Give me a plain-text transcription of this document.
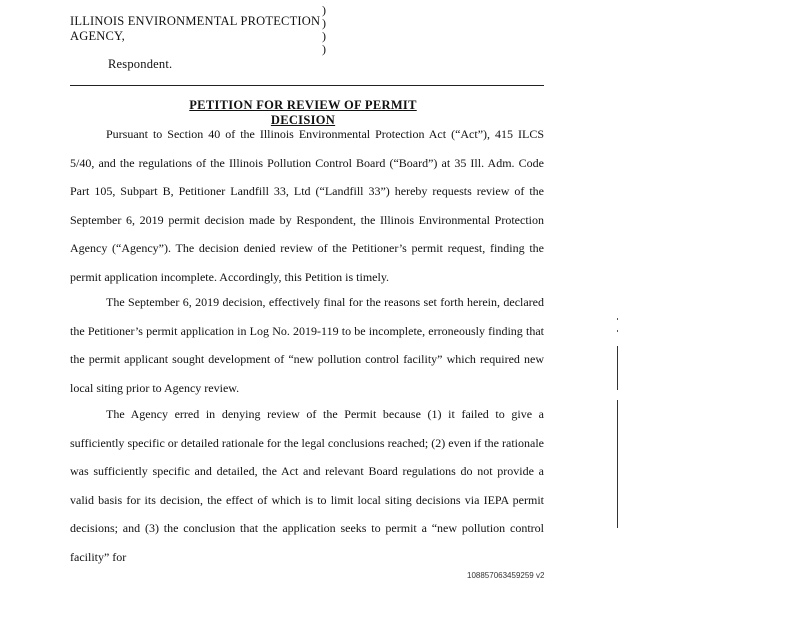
ILLINOIS ENVIRONMENTAL PROTECTION
AGENCY,
Respondent.
)
)
)
)
PETITION FOR REVIEW OF PERMIT DECISION
Pursuant to Section 40 of the Illinois Environmental Protection Act (“Act”), 415 ILCS 5/40, and the regulations of the Illinois Pollution Control Board (“Board”) at 35 Ill. Adm. Code Part 105, Subpart B, Petitioner Landfill 33, Ltd (“Landfill 33”) hereby requests review of the September 6, 2019 permit decision made by Respondent, the Illinois Environmental Protection Agency (“Agency”). The decision denied review of the Petitioner’s permit request, finding the permit application incomplete. Accordingly, this Petition is timely.
The September 6, 2019 decision, effectively final for the reasons set forth herein, declared the Petitioner’s permit application in Log No. 2019-119 to be incomplete, erroneously finding that the permit applicant sought development of “new pollution control facility” which required new local siting prior to Agency review.
The Agency erred in denying review of the Permit because (1) it failed to give a sufficiently specific or detailed rationale for the legal conclusions reached; (2) even if the rationale was sufficiently specific and detailed, the Act and relevant Board regulations do not provide a valid basis for its decision, the effect of which is to limit local siting decisions via IEPA permit decisions; and (3) the conclusion that the application seeks to permit a “new pollution control facility” for
108857063459259 v2
